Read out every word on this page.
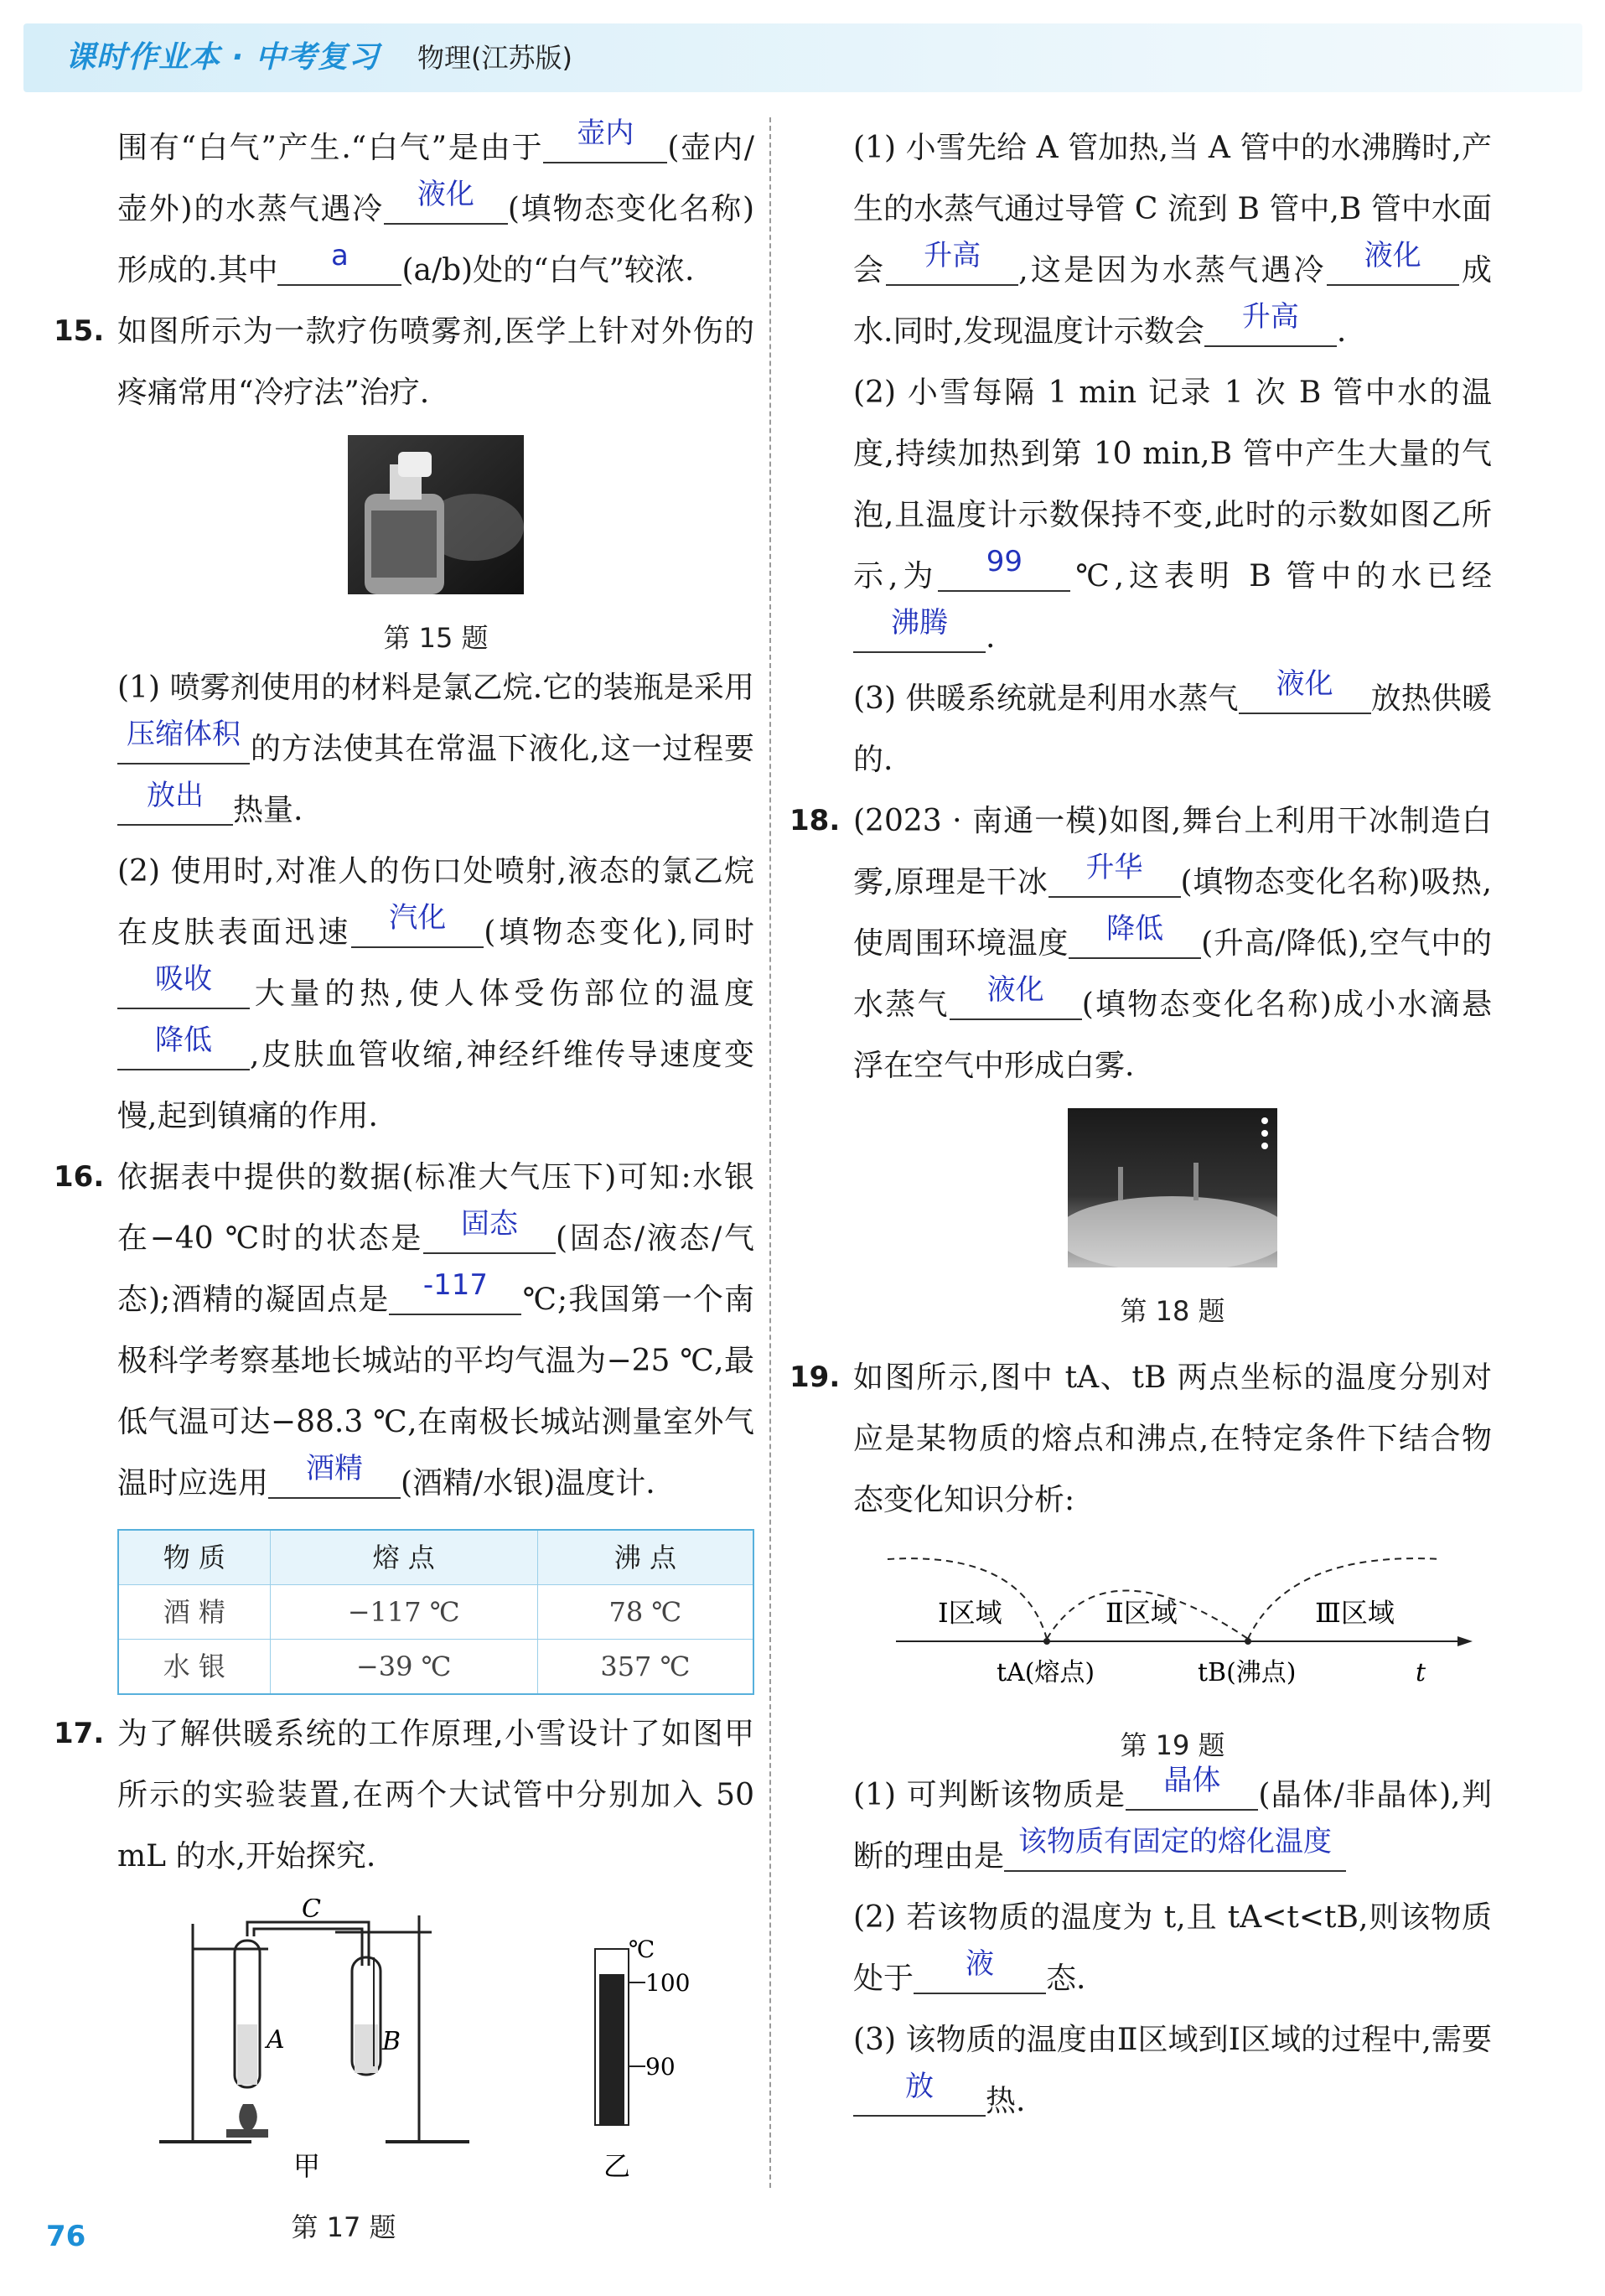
课时作业本 · 中考复习 物理(江苏版)

围有“白气”产生.“白气”是由于 壶内 (壶内/壶外)的水蒸气遇冷 液化 (填物态变化名称)形成的.其中 a (a/b)处的“白气”较浓.

15. 如图所示为一款疗伤喷雾剂,医学上针对外伤的疼痛常用“冷疗法”治疗.

第 15 题

(1) 喷雾剂使用的材料是氯乙烷.它的装瓶是采用压缩体积 的方法使其在常温下液化,这一过程要放出 热量.

(2) 使用时,对准人的伤口处喷射,液态的氯乙烷在皮肤表面迅速 汽化 (填物态变化),同时吸收 大量的热,使人体受伤部位的温度降低 ,皮肤血管收缩,神经纤维传导速度变慢,起到镇痛的作用.

16. 依据表中提供的数据(标准大气压下)可知:水银在−40 ℃时的状态是 固态 (固态/液态/气态);酒精的凝固点是 -117 ℃;我国第一个南极科学考察基地长城站的平均气温为−25 ℃,最低气温可达−88.3 ℃,在南极长城站测量室外气温时应选用 酒精 (酒精/水银)温度计.

物 质	熔 点	沸 点
酒 精	−117 ℃	78 ℃
水 银	−39 ℃	357 ℃
17. 为了解供暖系统的工作原理,小雪设计了如图甲所示的实验装置,在两个大试管中分别加入 50 mL 的水,开始探究.

A
C
B
甲
℃
100
90
乙
第 17 题

(1) 小雪先给 A 管加热,当 A 管中的水沸腾时,产生的水蒸气通过导管 C 流到 B 管中,B 管中水面会 升高 ,这是因为水蒸气遇冷 液化 成水.同时,发现温度计示数会 升高 .

(2) 小雪每隔 1 min 记录 1 次 B 管中水的温度,持续加热到第 10 min,B 管中产生大量的气泡,且温度计示数保持不变,此时的示数如图乙所示,为 99 ℃,这表明 B 管中的水已经沸腾 .

(3) 供暖系统就是利用水蒸气 液化 放热供暖的.

18. (2023 · 南通一模)如图,舞台上利用干冰制造白雾,原理是干冰 升华 (填物态变化名称)吸热,使周围环境温度 降低 (升高/降低),空气中的水蒸气 液化 (填物态变化名称)成小水滴悬浮在空气中形成白雾.

第 18 题
19. 如图所示,图中 tA、tB 两点坐标的温度分别对应是某物质的熔点和沸点,在特定条件下结合物态变化知识分析:

Ⅰ区域	Ⅱ区域	Ⅲ区域
tA(熔点)	tB(沸点)	t
第 19 题

(1) 可判断该物质是 晶体 (晶体/非晶体),判断的理由是 该物质有固定的熔化温度

(2) 若该物质的温度为 t,且 tA<t<tB,则该物质处于 液 态.

(3) 该物质的温度由Ⅱ区域到Ⅰ区域的过程中,需要放 热.

76
